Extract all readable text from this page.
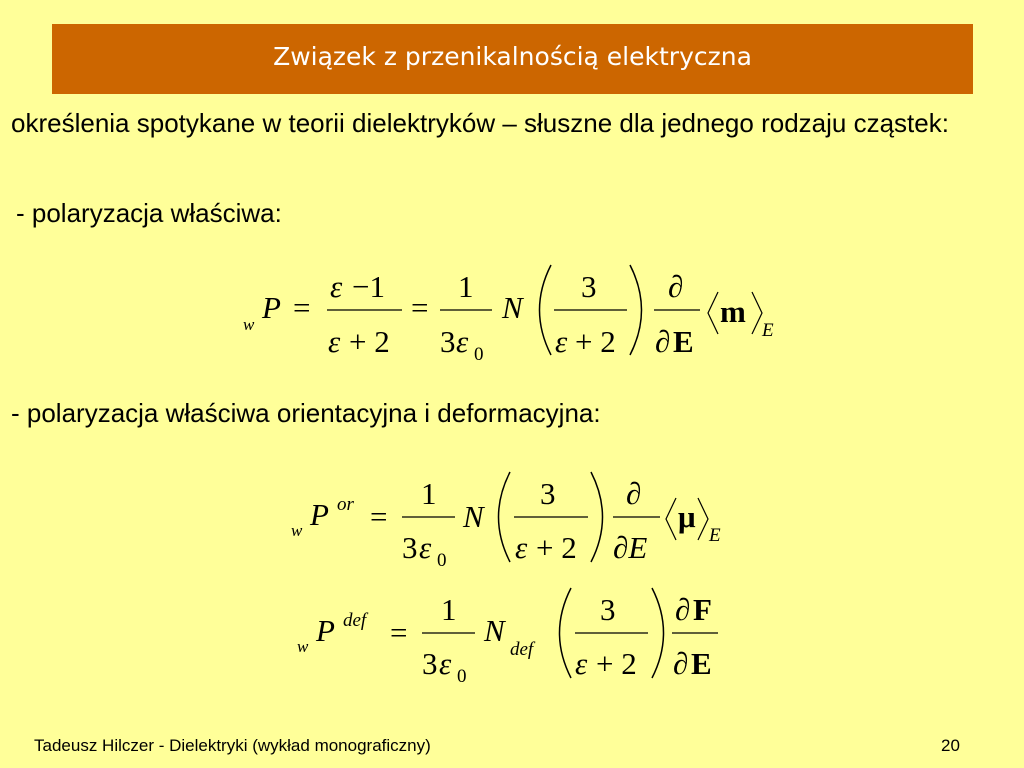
Związek z przenikalnością elektryczna
określenia spotykane w teorii dielektryków – słuszne dla jednego rodzaju cząstek:
- polaryzacja właściwa:
- polaryzacja właściwa orientacyjna i deformacyjna:
w P =
ε −1
ε + 2
=
1
3 ε 0
N
3
ε + 2
∂
∂ E
m
E
w P or =
1
3 ε 0
N
3
ε + 2
∂
∂E
μ
E
w P def =
1
3 ε 0
N
def
3
ε + 2
∂ F
∂ E
Tadeusz Hilczer - Dielektryki (wykład monograficzny)	20
